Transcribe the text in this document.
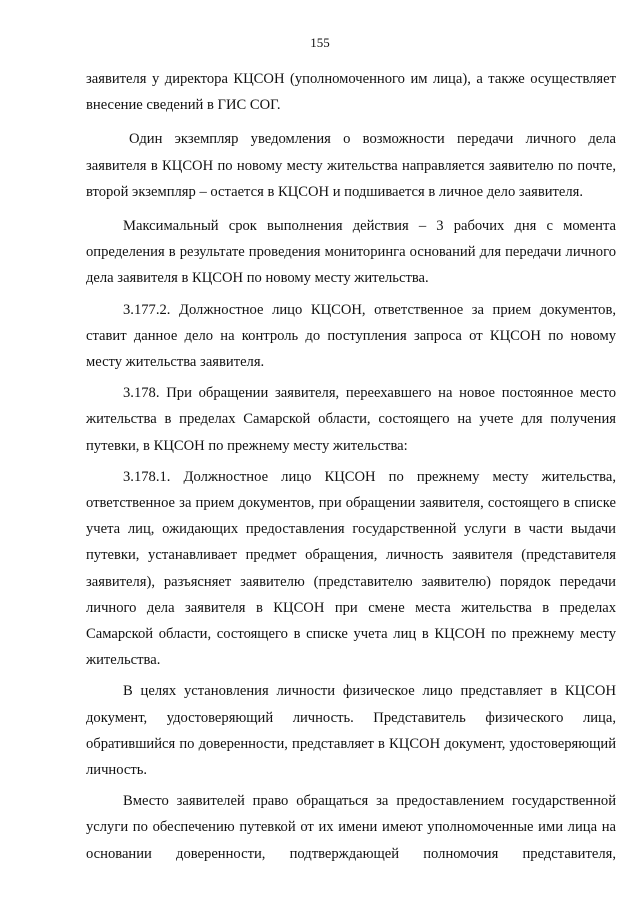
155

заявителя у директора КЦСОН (уполномоченного им лица), а также осуществляет внесение сведений в ГИС СОГ.

Один экземпляр уведомления о возможности передачи личного дела заявителя в КЦСОН по новому месту жительства направляется заявителю по почте, второй экземпляр – остается в КЦСОН и подшивается в личное дело заявителя.

Максимальный срок выполнения действия – 3 рабочих дня с момента определения в результате проведения мониторинга оснований для передачи личного дела заявителя в КЦСОН по новому месту жительства.

3.177.2. Должностное лицо КЦСОН, ответственное за прием документов, ставит данное дело на контроль до поступления запроса от КЦСОН по новому месту жительства заявителя.

3.178. При обращении заявителя, переехавшего на новое постоянное место жительства в пределах Самарской области, состоящего на учете для получения путевки, в КЦСОН по прежнему месту жительства:

3.178.1. Должностное лицо КЦСОН по прежнему месту жительства, ответственное за прием документов, при обращении заявителя, состоящего в списке учета лиц, ожидающих предоставления государственной услуги в части выдачи путевки, устанавливает предмет обращения, личность заявителя (представителя заявителя), разъясняет заявителю (представителю заявителю) порядок передачи личного дела заявителя в КЦСОН при смене места жительства в пределах Самарской области, состоящего в списке учета лиц в КЦСОН по прежнему месту жительства.

В целях установления личности физическое лицо представляет в КЦСОН документ, удостоверяющий личность. Представитель физического лица, обратившийся по доверенности, представляет в КЦСОН документ, удостоверяющий личность.

Вместо заявителей право обращаться за предоставлением государственной услуги по обеспечению путевкой от их имени имеют уполномоченные ими лица на основании доверенности, подтверждающей полномочия представителя,
